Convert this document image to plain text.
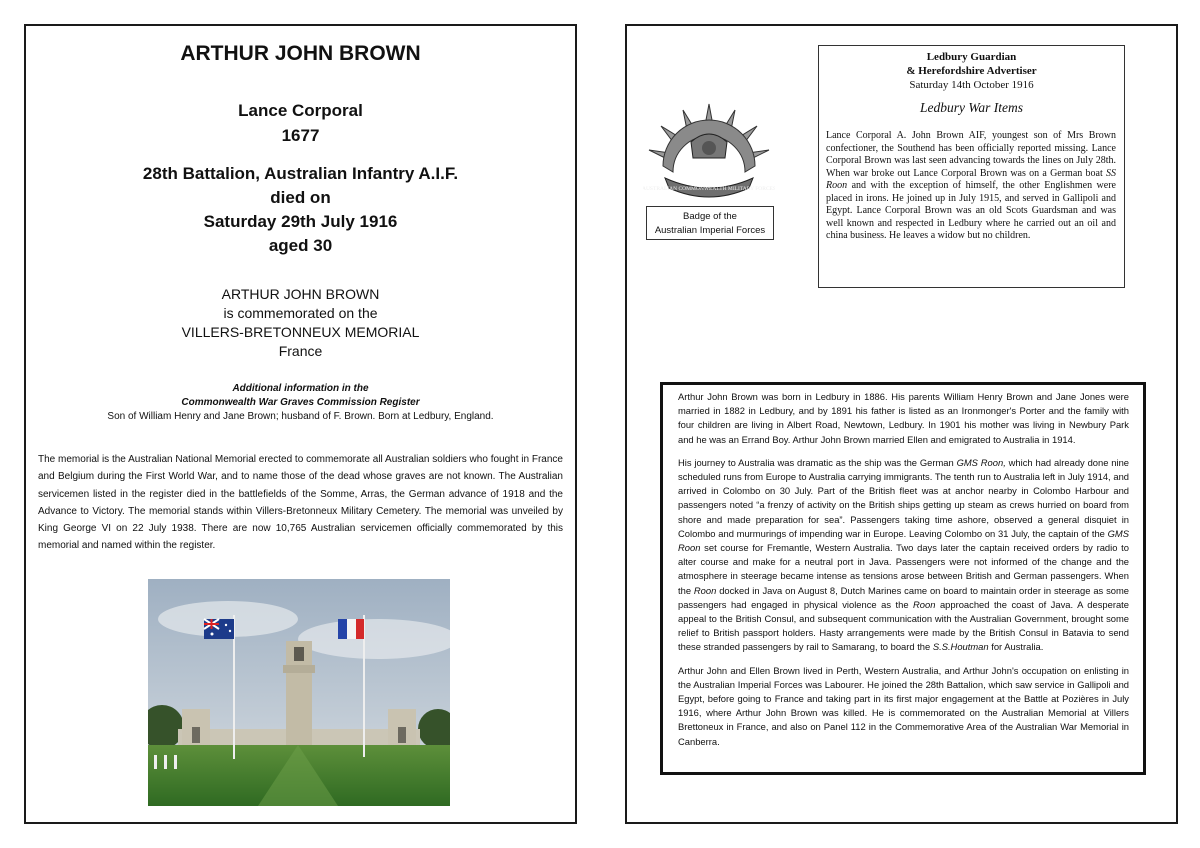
ARTHUR JOHN BROWN
Lance Corporal
1677
28th Battalion, Australian Infantry A.I.F.
died on
Saturday 29th July 1916
aged 30
ARTHUR JOHN BROWN
is commemorated on the
VILLERS-BRETONNEUX MEMORIAL
France
Additional information in the
Commonwealth War Graves Commission Register
Son of William Henry and Jane Brown; husband of F. Brown. Born at Ledbury, England.
The memorial is the Australian National Memorial erected to commemorate all Australian soldiers who fought in France and Belgium during the First World War, and to name those of the dead whose graves are not known. The Australian servicemen listed in the register died in the battlefields of the Somme, Arras, the German advance of 1918 and the Advance to Victory. The memorial stands within Villers-Bretonneux Military Cemetery. The memorial was unveiled by King George VI on 22 July 1938. There are now 10,765 Australian servicemen officially commemorated by this memorial and named within the register.
AUSTRALIAN COMMONWEALTH MILITARY FORCES
Badge of the
Australian Imperial Forces
Ledbury Guardian
& Herefordshire Advertiser
Saturday 14th October 1916
Ledbury War Items
Lance Corporal A. John Brown AIF, youngest son of Mrs Brown confectioner, the Southend has been officially reported missing. Lance Corporal Brown was last seen advancing towards the lines on July 28th. When war broke out Lance Corporal Brown was on a German boat SS Roon and with the exception of himself, the other Englishmen were placed in irons. He joined up in July 1915, and served in Gallipoli and Egypt. Lance Corporal Brown was an old Scots Guardsman and was well known and respected in Ledbury where he carried out an oil and china business. He leaves a widow but no children.

Arthur John Brown was born in Ledbury in 1886. His parents William Henry Brown and Jane Jones were married in 1882 in Ledbury, and by 1891 his father is listed as an Ironmonger's Porter and the family with four children are living in Albert Road, Newtown, Ledbury. In 1901 his mother was living in Newbury Park and he was an Errand Boy. Arthur John Brown married Ellen and emigrated to Australia in 1914.

His journey to Australia was dramatic as the ship was the German GMS Roon, which had already done nine scheduled runs from Europe to Australia carrying immigrants. The tenth run to Australia left in July 1914, and arrived in Colombo on 30 July. Part of the British fleet was at anchor nearby in Colombo Harbour and passengers noted “a frenzy of activity on the British ships getting up steam as crews hurried on board from shore and made preparation for sea”. Passengers taking time ashore, observed a general disquiet in Colombo and murmurings of impending war in Europe. Leaving Colombo on 31 July, the captain of the GMS Roon set course for Fremantle, Western Australia. Two days later the captain received orders by radio to alter course and make for a neutral port in Java. Passengers were not informed of the change and the atmosphere in steerage became intense as tensions arose between British and German passengers. When the Roon docked in Java on August 8, Dutch Marines came on board to maintain order in steerage as some passengers had engaged in physical violence as the Roon approached the coast of Java. A desperate appeal to the British Consul, and subsequent communication with the Australian Government, brought some relief to British passport holders. Hasty arrangements were made by the British Consul in Batavia to send these stranded passengers by rail to Samarang, to board the S.S.Houtman for Australia.

Arthur John and Ellen Brown lived in Perth, Western Australia, and Arthur John's occupation on enlisting in the Australian Imperial Forces was Labourer. He joined the 28th Battalion, which saw service in Gallipoli and Egypt, before going to France and taking part in its first major engagement at the Battle at Pozières in July 1916, where Arthur John Brown was killed. He is commemorated on the Australian Memorial at Villers Brettoneux in France, and also on Panel 112 in the Commemorative Area of the Australian War Memorial in Canberra.
